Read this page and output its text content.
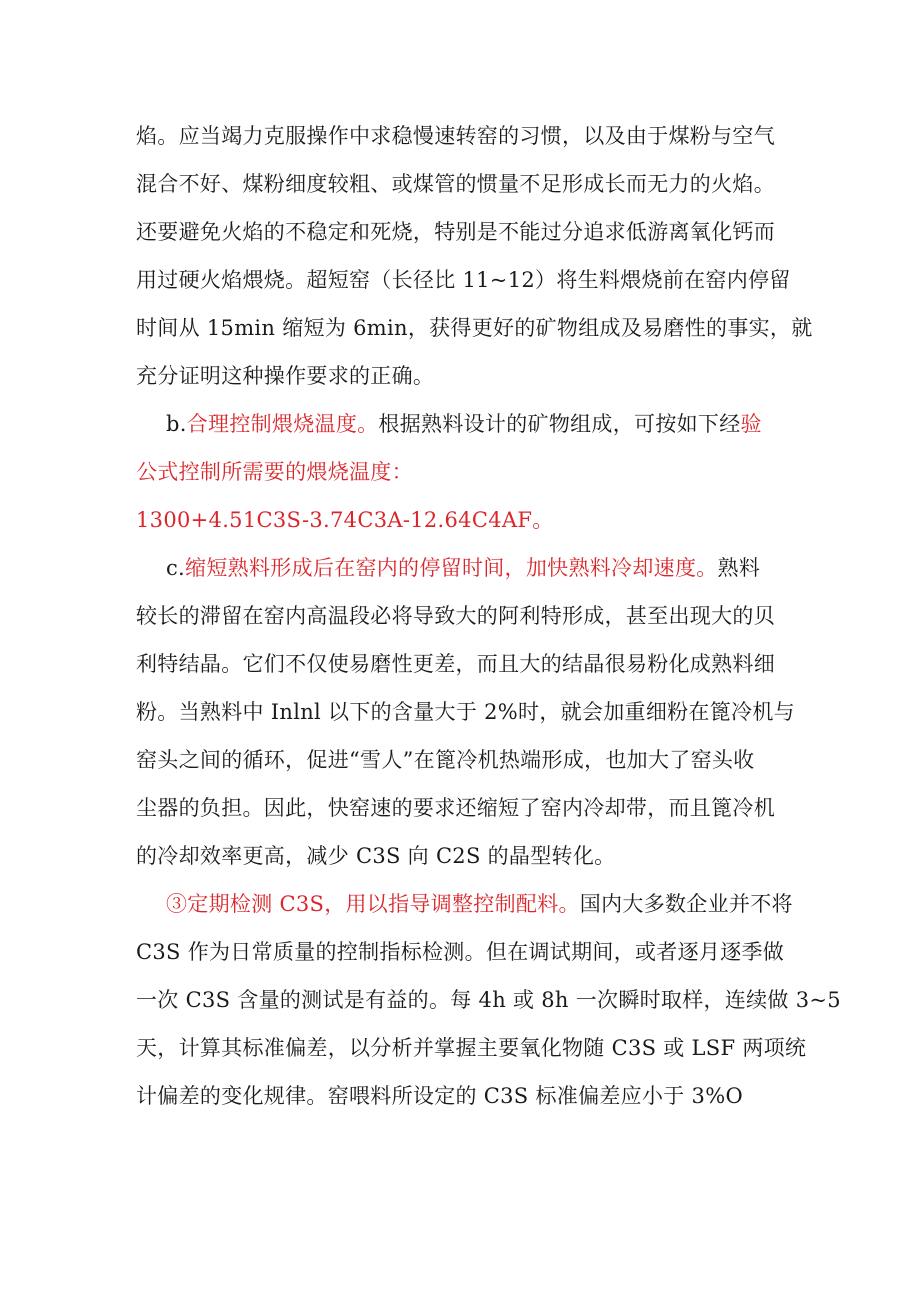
焰。应当竭力克服操作中求稳慢速转窑的习惯，以及由于煤粉与空气
混合不好、煤粉细度较粗、或煤管的惯量不足形成长而无力的火焰。
还要避免火焰的不稳定和死烧，特别是不能过分追求低游离氧化钙而
用过硬火焰煨烧。超短窑（长径比 11~12）将生料煨烧前在窑内停留
时间从 15min 缩短为 6min，获得更好的矿物组成及易磨性的事实，就
充分证明这种操作要求的正确。
b.合理控制煨烧温度。根据熟料设计的矿物组成，可按如下经验
公式控制所需要的煨烧温度：
1300+4.51C3S-3.74C3A-12.64C4AF。
c.缩短熟料形成后在窑内的停留时间，加快熟料冷却速度。熟料
较长的滞留在窑内高温段必将导致大的阿利特形成，甚至出现大的贝
利特结晶。它们不仅使易磨性更差，而且大的结晶很易粉化成熟料细
粉。当熟料中 Inlnl 以下的含量大于 2%时，就会加重细粉在篦冷机与
窑头之间的循环，促进“雪人”在篦冷机热端形成，也加大了窑头收
尘器的负担。因此，快窑速的要求还缩短了窑内冷却带，而且篦冷机
的冷却效率更高，减少 C3S 向 C2S 的晶型转化。
③定期检测 C3S，用以指导调整控制配料。国内大多数企业并不将
C3S 作为日常质量的控制指标检测。但在调试期间，或者逐月逐季做
一次 C3S 含量的测试是有益的。每 4h 或 8h 一次瞬时取样，连续做 3~5
天，计算其标准偏差，以分析并掌握主要氧化物随 C3S 或 LSF 两项统
计偏差的变化规律。窑喂料所设定的 C3S 标准偏差应小于 3%O
